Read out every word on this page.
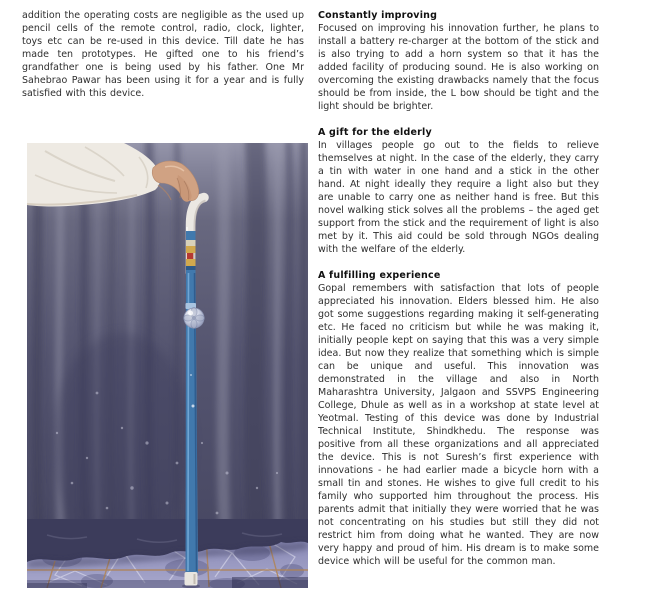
addition the operating costs are negligible as the used up pencil cells of the remote control, radio, clock, lighter, toys etc can be re-used in this device. Till date he has made ten prototypes. He gifted one to his friend’s grandfather one is being used by his father. One Mr Sahebrao Pawar has been using it for a year and is fully satisfied with this device.

Constantly improving

Focused on improving his innovation further, he plans to install a battery re-charger at the bottom of the stick and is also trying to add a horn system so that it has the added facility of producing sound. He is also working on overcoming the existing drawbacks namely that the focus should be from inside, the L bow should be tight and the light should be brighter.

A gift for the elderly

In villages people go out to the fields to relieve themselves at night. In the case of the elderly, they carry a tin with water in one hand and a stick in the other hand. At night ideally they require a light also but they are unable to carry one as neither hand is free. But this novel walking stick solves all the problems – the aged get support from the stick and the requirement of light is also met by it. This aid could be sold through NGOs dealing with the welfare of the elderly.

A fulfilling experience

Gopal remembers with satisfaction that lots of people appreciated his innovation. Elders blessed him. He also got some suggestions regarding making it self-generating etc. He faced no criticism but while he was making it, initially people kept on saying that this was a very simple idea. But now they realize that something which is simple can be unique and useful. This innovation was demonstrated in the village and also in North Maharashtra University, Jalgaon and SSVPS Engineering College, Dhule as well as in a workshop at state level at Yeotmal. Testing of this device was done by Industrial Technical Institute, Shindkhedu. The response was positive from all these organizations and all appreciated the device. This is not Suresh’s first experience with innovations - he had earlier made a bicycle horn with a small tin and stones. He wishes to give full credit to his family who supported him throughout the process. His parents admit that initially they were worried that he was not concentrating on his studies but still they did not restrict him from doing what he wanted. They are now very happy and proud of him. His dream is to make some device which will be useful for the common man.
